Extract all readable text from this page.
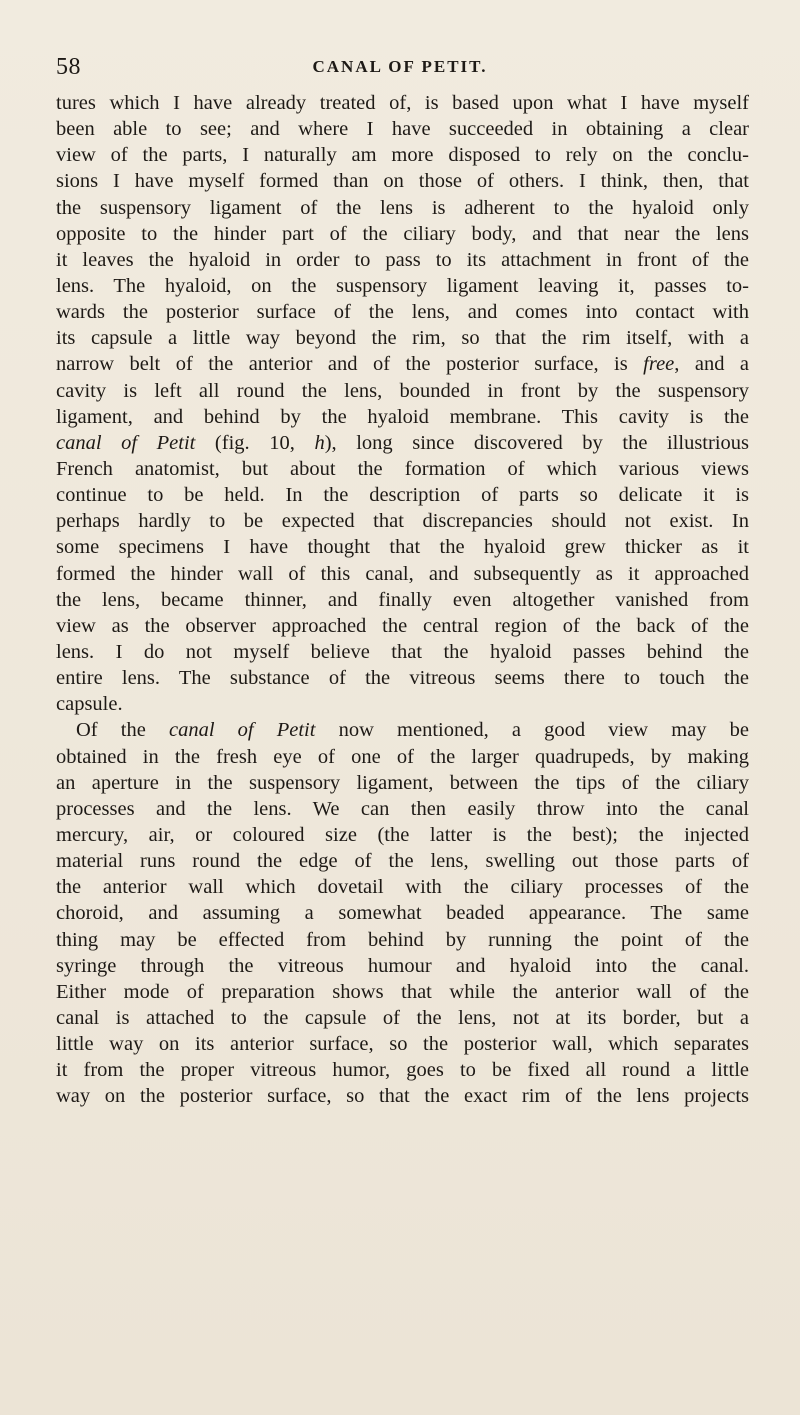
58	CANAL OF PETIT.
tures which I have already treated of, is based upon what I have myself
been able to see; and where I have succeeded in obtaining a clear
view of the parts, I naturally am more disposed to rely on the conclu-
sions I have myself formed than on those of others. I think, then, that
the suspensory ligament of the lens is adherent to the hyaloid only
opposite to the hinder part of the ciliary body, and that near the lens
it leaves the hyaloid in order to pass to its attachment in front of the
lens. The hyaloid, on the suspensory ligament leaving it, passes to-
wards the posterior surface of the lens, and comes into contact with
its capsule a little way beyond the rim, so that the rim itself, with a
narrow belt of the anterior and of the posterior surface, is free, and a
cavity is left all round the lens, bounded in front by the suspensory
ligament, and behind by the hyaloid membrane. This cavity is the
canal of Petit (fig. 10, h), long since discovered by the illustrious
French anatomist, but about the formation of which various views
continue to be held. In the description of parts so delicate it is
perhaps hardly to be expected that discrepancies should not exist. In
some specimens I have thought that the hyaloid grew thicker as it
formed the hinder wall of this canal, and subsequently as it approached
the lens, became thinner, and finally even altogether vanished from
view as the observer approached the central region of the back of the
lens. I do not myself believe that the hyaloid passes behind the
entire lens. The substance of the vitreous seems there to touch the
capsule.
Of the canal of Petit now mentioned, a good view may be
obtained in the fresh eye of one of the larger quadrupeds, by making
an aperture in the suspensory ligament, between the tips of the ciliary
processes and the lens. We can then easily throw into the canal
mercury, air, or coloured size (the latter is the best); the injected
material runs round the edge of the lens, swelling out those parts of
the anterior wall which dovetail with the ciliary processes of the
choroid, and assuming a somewhat beaded appearance. The same
thing may be effected from behind by running the point of the
syringe through the vitreous humour and hyaloid into the canal.
Either mode of preparation shows that while the anterior wall of the
canal is attached to the capsule of the lens, not at its border, but a
little way on its anterior surface, so the posterior wall, which separates
it from the proper vitreous humor, goes to be fixed all round a little
way on the posterior surface, so that the exact rim of the lens projects
